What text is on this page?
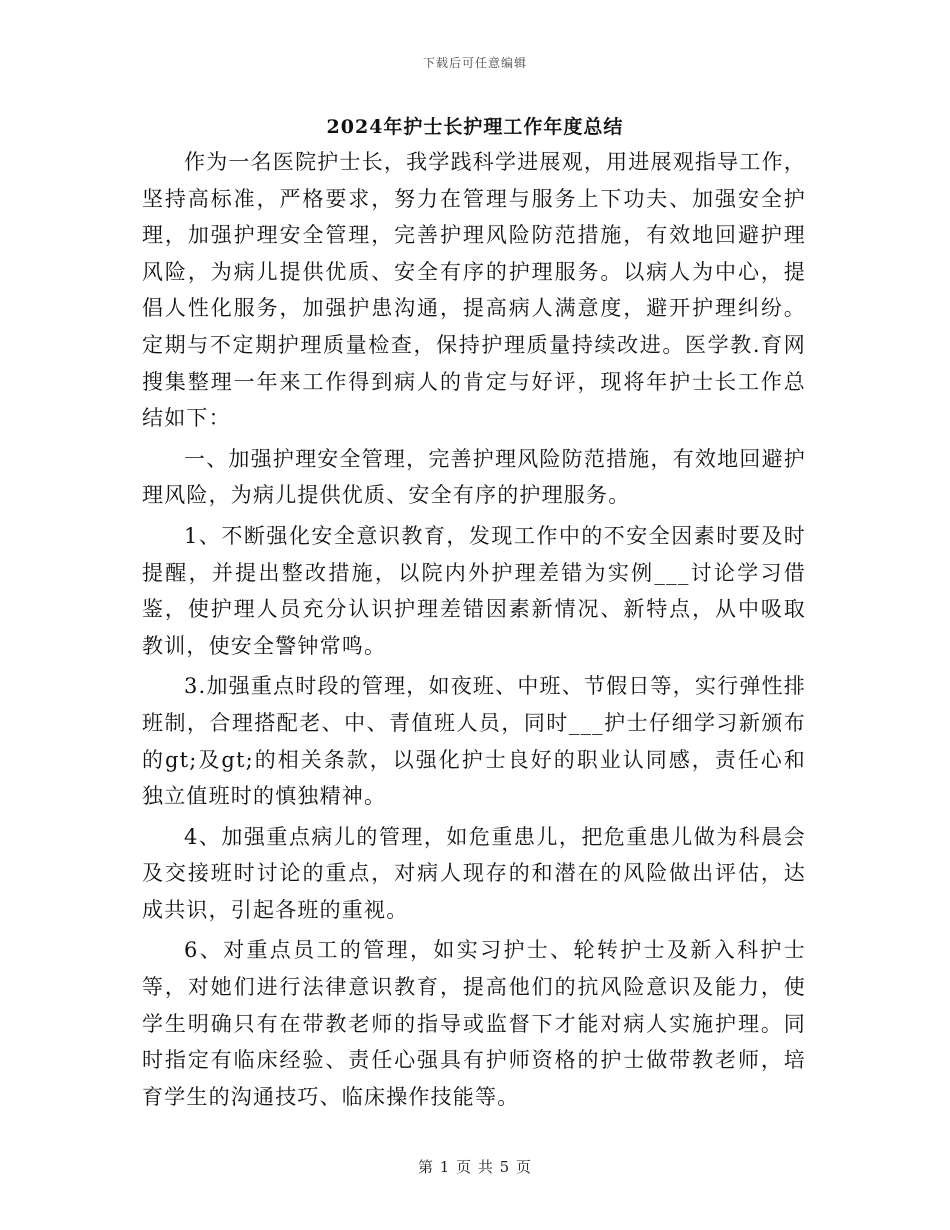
下载后可任意编辑
2024年护士长护理工作年度总结

作为一名医院护士长，我学践科学进展观，用进展观指导工作，坚持高标准，严格要求，努力在管理与服务上下功夫、加强安全护理，加强护理安全管理，完善护理风险防范措施，有效地回避护理风险，为病儿提供优质、安全有序的护理服务。以病人为中心，提倡人性化服务，加强护患沟通，提高病人满意度，避开护理纠纷。定期与不定期护理质量检查，保持护理质量持续改进。医学教.育网搜集整理一年来工作得到病人的肯定与好评，现将年护士长工作总结如下：

一、加强护理安全管理，完善护理风险防范措施，有效地回避护理风险，为病儿提供优质、安全有序的护理服务。

1、不断强化安全意识教育，发现工作中的不安全因素时要及时提醒，并提出整改措施，以院内外护理差错为实例___讨论学习借鉴，使护理人员充分认识护理差错因素新情况、新特点，从中吸取教训，使安全警钟常鸣。

3.加强重点时段的管理，如夜班、中班、节假日等，实行弹性排班制，合理搭配老、中、青值班人员，同时___护士仔细学习新颁布的gt;及gt;的相关条款，以强化护士良好的职业认同感，责任心和独立值班时的慎独精神。

4、加强重点病儿的管理，如危重患儿，把危重患儿做为科晨会及交接班时讨论的重点，对病人现存的和潜在的风险做出评估，达成共识，引起各班的重视。

6、对重点员工的管理，如实习护士、轮转护士及新入科护士等，对她们进行法律意识教育，提高他们的抗风险意识及能力，使学生明确只有在带教老师的指导或监督下才能对病人实施护理。同时指定有临床经验、责任心强具有护师资格的护士做带教老师，培育学生的沟通技巧、临床操作技能等。

第 1 页 共 5 页
